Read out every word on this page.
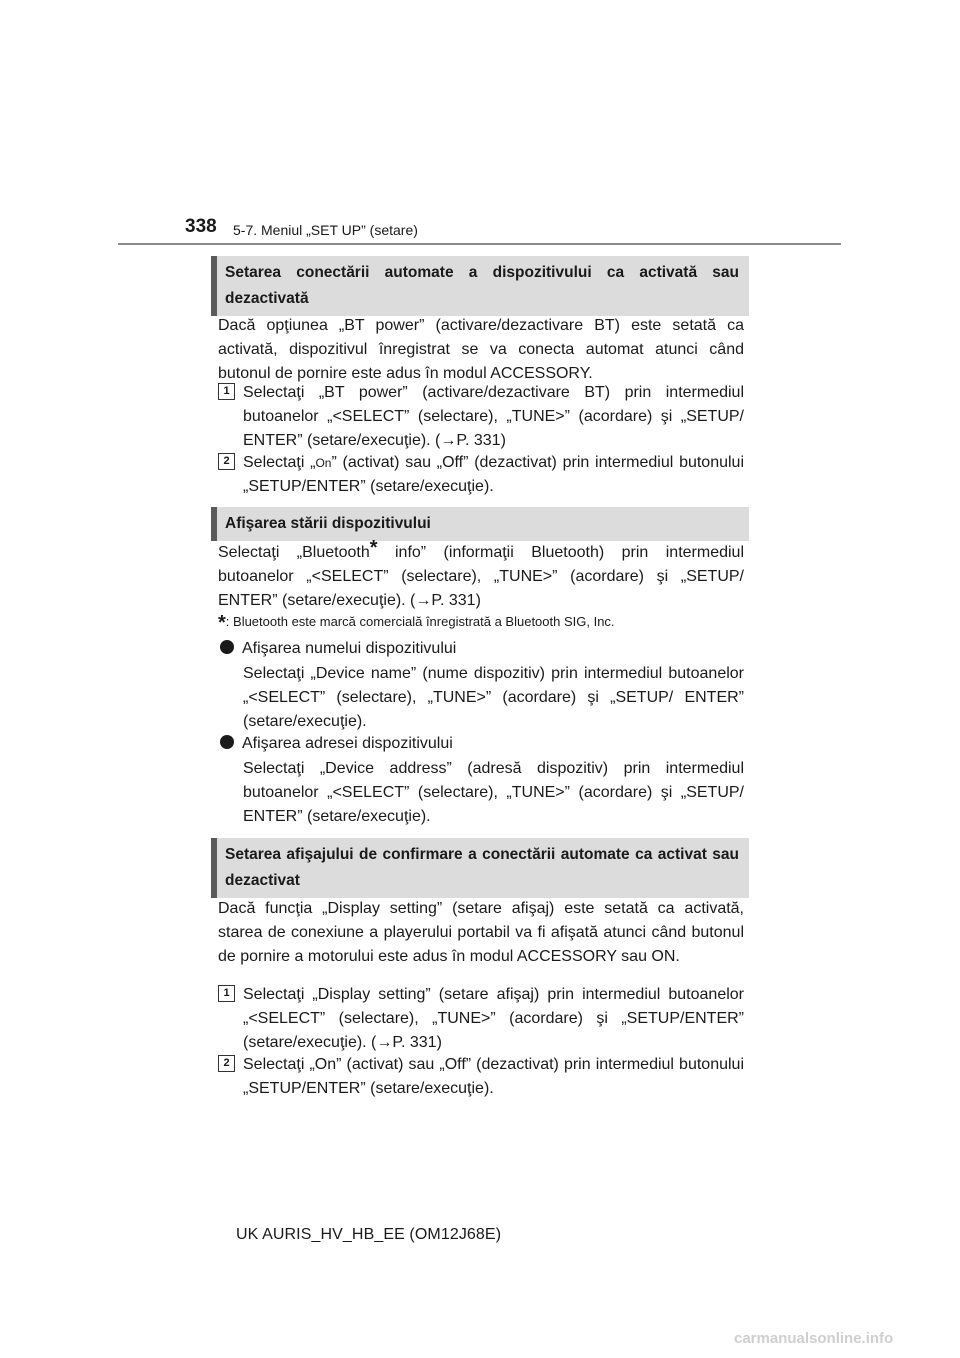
338 5-7. Meniul „SET UP” (setare)
Setarea conectării automate a dispozitivului ca activată sau dezactivată

Dacă opţiunea „BT power” (activare/dezactivare BT) este setată ca activată, dispozitivul înregistrat se va conecta automat atunci când butonul de pornire este adus în modul ACCESSORY.

1 Selectaţi „BT power” (activare/dezactivare BT) prin intermediul butoanelor „<SELECT” (selectare), „TUNE>” (acordare) şi „SETUP/ ENTER” (setare/execuţie). (→P. 331)

2 Selectaţi „On” (activat) sau „Off” (dezactivat) prin intermediul butonului „SETUP/ENTER” (setare/execuţie).

Afişarea stării dispozitivului

Selectaţi „Bluetooth* info” (informaţii Bluetooth) prin intermediul butoanelor „<SELECT” (selectare), „TUNE>” (acordare) şi „SETUP/ ENTER” (setare/execuţie). (→P. 331)

*: Bluetooth este marcă comercială înregistrată a Bluetooth SIG, Inc.
Afişarea numelui dispozitivului

Selectaţi „Device name” (nume dispozitiv) prin intermediul butoanelor „<SELECT” (selectare), „TUNE>” (acordare) şi „SETUP/ ENTER” (setare/execuţie).

Afişarea adresei dispozitivului

Selectaţi „Device address” (adresă dispozitiv) prin intermediul butoanelor „<SELECT” (selectare), „TUNE>” (acordare) şi „SETUP/ ENTER” (setare/execuţie).

Setarea afişajului de confirmare a conectării automate ca activat sau dezactivat

Dacă funcţia „Display setting” (setare afişaj) este setată ca activată, starea de conexiune a playerului portabil va fi afişată atunci când butonul de pornire a motorului este adus în modul ACCESSORY sau ON.

1 Selectaţi „Display setting” (setare afişaj) prin intermediul butoanelor „<SELECT” (selectare), „TUNE>” (acordare) şi „SETUP/ENTER” (setare/execuţie). (→P. 331)

2 Selectaţi „On” (activat) sau „Off” (dezactivat) prin intermediul butonului „SETUP/ENTER” (setare/execuţie).

UK AURIS_HV_HB_EE (OM12J68E)
carmanualsonline.info
